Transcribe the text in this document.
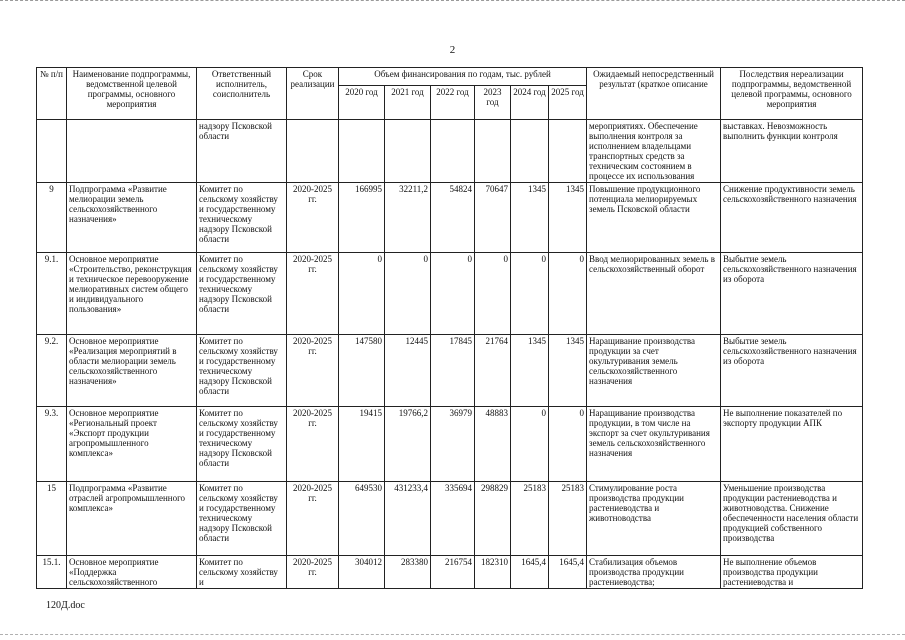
2
№ п/п	Наименование подпрограммы, ведомственной целевой программы, основного мероприятия	Ответственный исполнитель, соисполнитель	Срок реализации	Объем финансирования по годам, тыс. рублей						Ожидаемый непосредственный результат (краткое описание	Последствия нереализации подпрограммы, ведомственной целевой программы, основного мероприятия
				2020 год	2021 год	2022 год	2023 год	2024 год	2025 год		
		надзору Псковской области								мероприятиях. Обеспечение выполнения контроля за исполнением владельцами транспортных средств за техническим состоянием в процессе их использования	выставках. Невозможность выполнить функции контроля
9	Подпрограмма «Развитие мелиорации земель сельскохозяйственного назначения»	Комитет по сельскому хозяйству и государственному техническому надзору Псковской области	2020-2025 гг.	166995	32211,2	54824	70647	1345	1345	Повышение продукционного потенциала мелиорируемых земель Псковской области	Снижение продуктивности земель сельскохозяйственного назначения
9.1.	Основное мероприятие «Строительство, реконструкция и техническое перевооружение мелиоративных систем общего и индивидуального пользования»	Комитет по сельскому хозяйству и государственному техническому надзору Псковской области	2020-2025 гг.	0	0	0	0	0	0	Ввод мелиорированных земель в сельскохозяйственный оборот	Выбытие земель сельскохозяйственного назначения из оборота
9.2.	Основное мероприятие «Реализация мероприятий в области мелиорации земель сельскохозяйственного назначения»	Комитет по сельскому хозяйству и государственному техническому надзору Псковской области	2020-2025 гг.	147580	12445	17845	21764	1345	1345	Наращивание производства продукции за счет окультуривания земель сельскохозяйственного назначения	Выбытие земель сельскохозяйственного назначения из оборота
9.3.	Основное мероприятие «Региональный проект «Экспорт продукции агропромышленного комплекса»	Комитет по сельскому хозяйству и государственному техническому надзору Псковской области	2020-2025 гг.	19415	19766,2	36979	48883	0	0	Наращивание производства продукции, в том числе на экспорт за счет окультуривания земель сельскохозяйственного назначения	Не выполнение показателей по экспорту продукции АПК
15	Подпрограмма «Развитие отраслей агропромышленного комплекса»	Комитет по сельскому хозяйству и государственному техническому надзору Псковской области	2020-2025 гг.	649530	431233,4	335694	298829	25183	25183	Стимулирование роста производства продукции растениеводства и животноводства	Уменьшение производства продукции растениеводства и животноводства. Снижение обеспеченности населения области продукцией собственного производства
15.1.	Основное мероприятие «Поддержка сельскохозяйственного	Комитет по сельскому хозяйству и	2020-2025 гг.	304012	283380	216754	182310	1645,4	1645,4	Стабилизация объемов производства продукции растениеводства;	Не выполнение объемов производства продукции растениеводства и
120Д.doc
